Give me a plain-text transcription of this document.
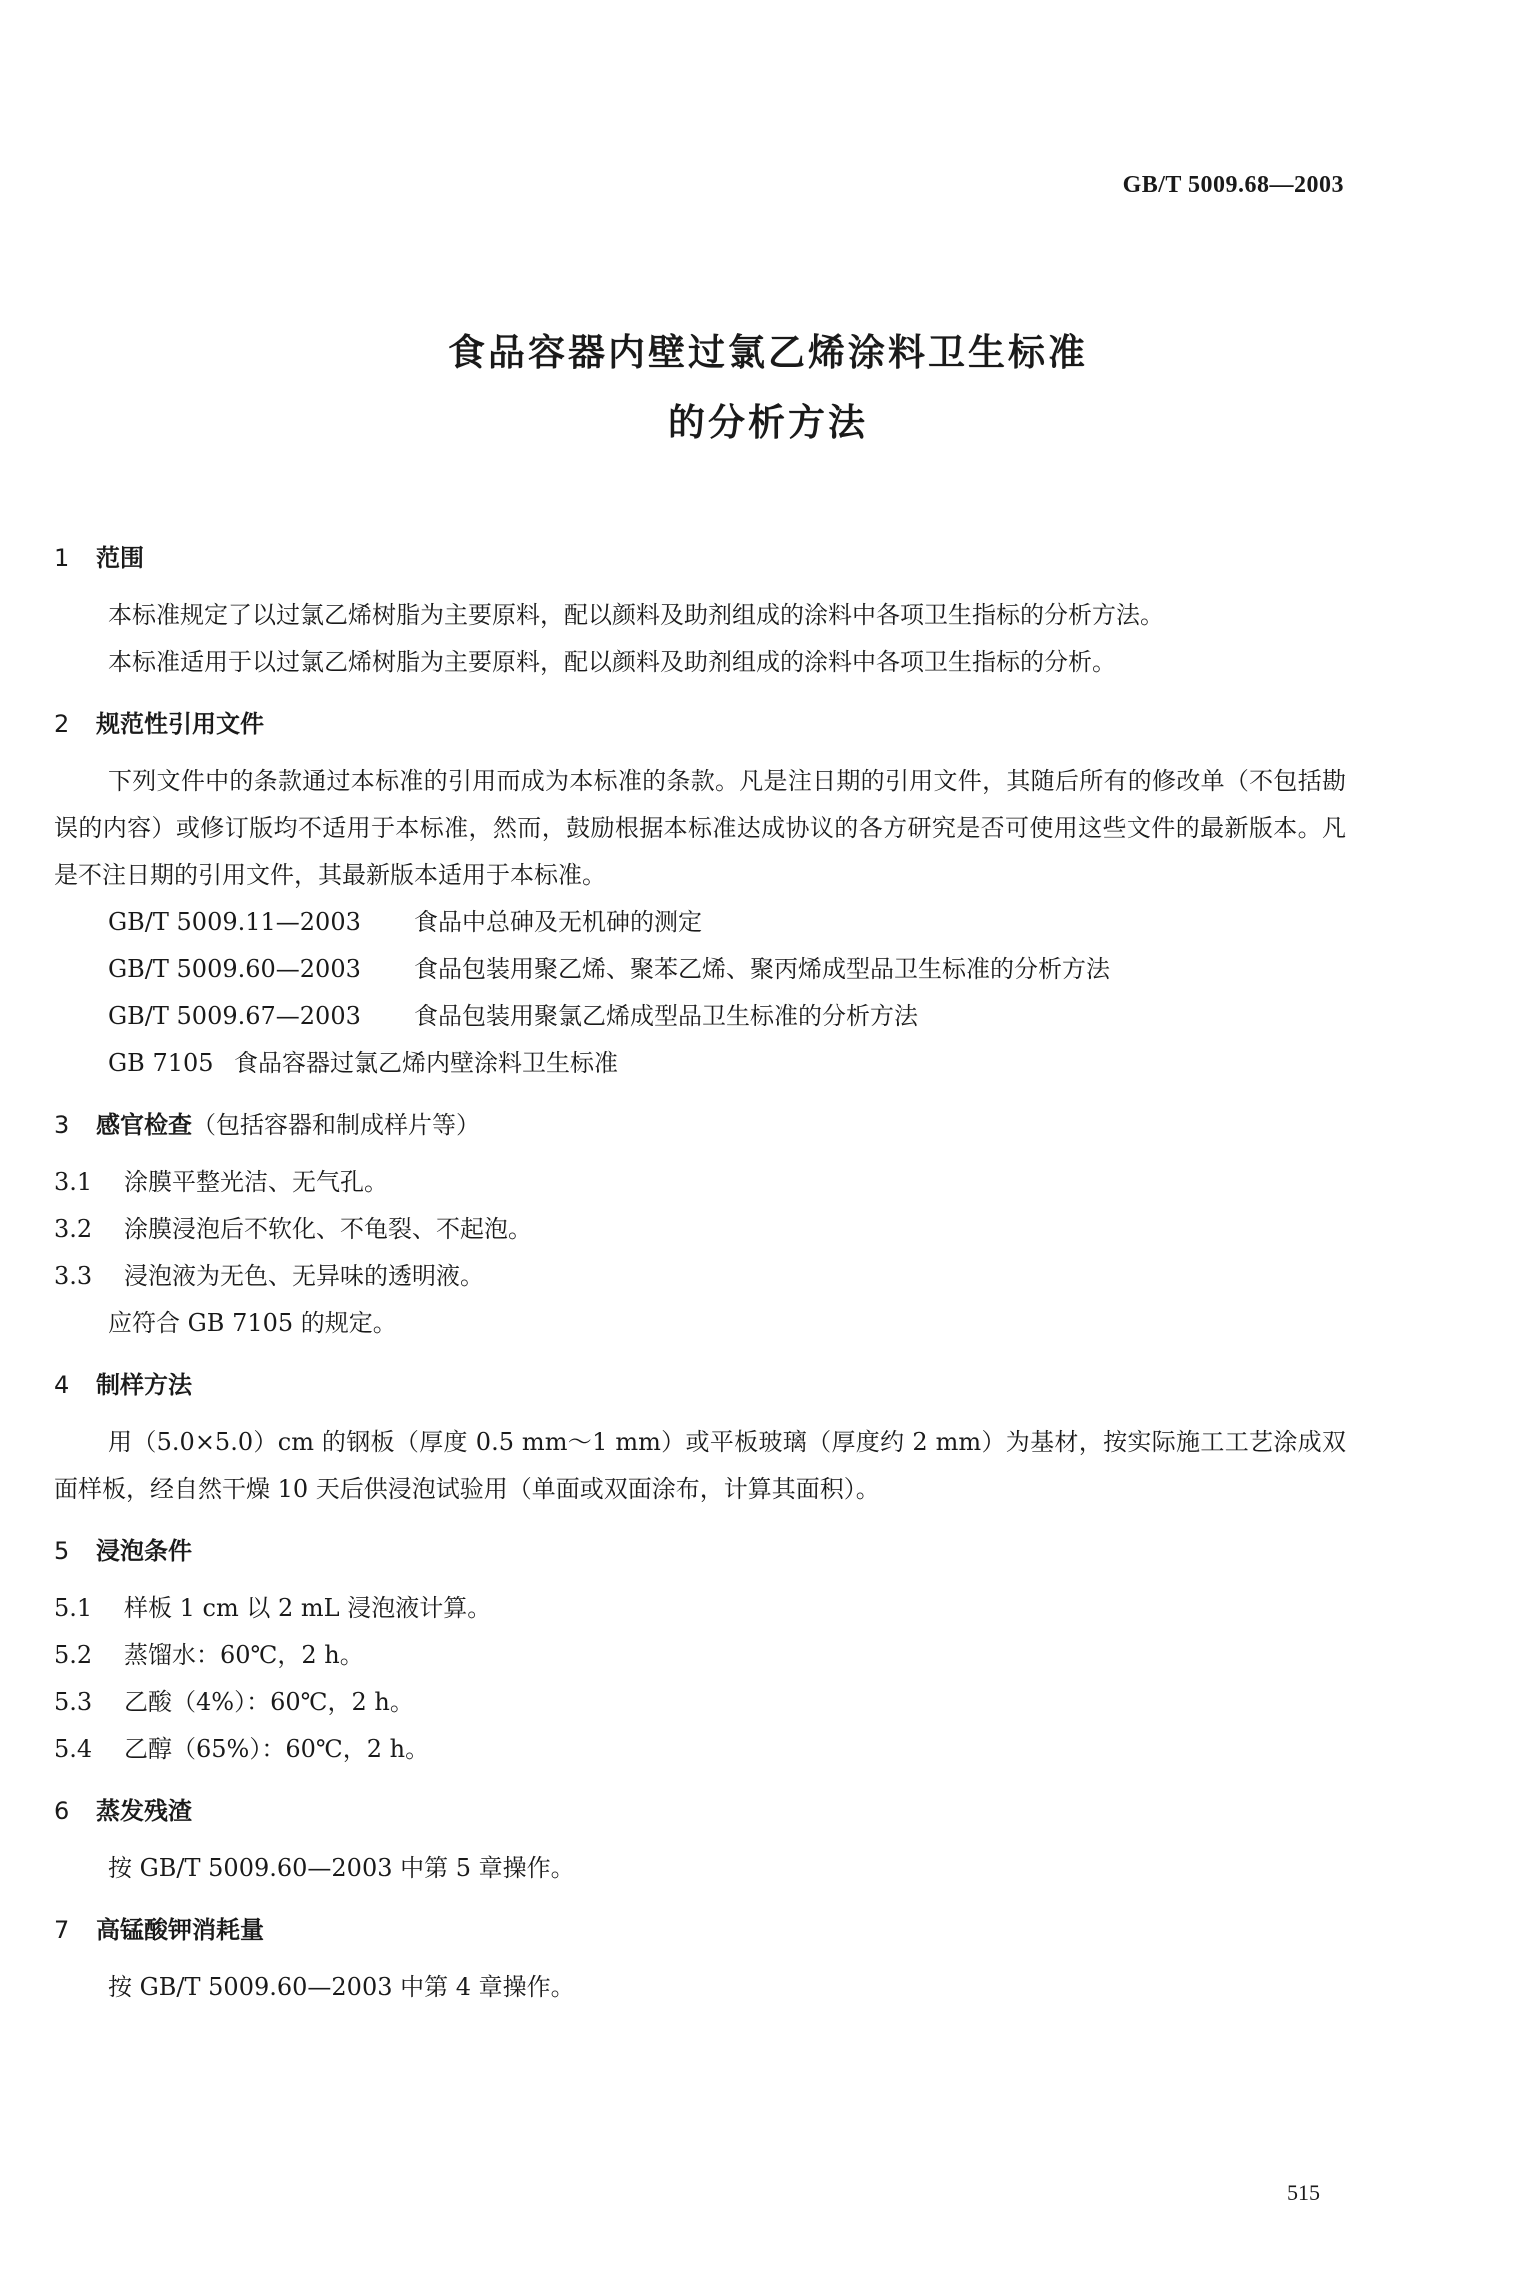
GB/T 5009.68—2003
食品容器内壁过氯乙烯涂料卫生标准
的分析方法
1 范围

本标准规定了以过氯乙烯树脂为主要原料，配以颜料及助剂组成的涂料中各项卫生指标的分析方法。

本标准适用于以过氯乙烯树脂为主要原料，配以颜料及助剂组成的涂料中各项卫生指标的分析。

2 规范性引用文件

下列文件中的条款通过本标准的引用而成为本标准的条款。凡是注日期的引用文件，其随后所有的修改单（不包括勘误的内容）或修订版均不适用于本标准，然而，鼓励根据本标准达成协议的各方研究是否可使用这些文件的最新版本。凡是不注日期的引用文件，其最新版本适用于本标准。

GB/T 5009.11—2003 食品中总砷及无机砷的测定

GB/T 5009.60—2003 食品包装用聚乙烯、聚苯乙烯、聚丙烯成型品卫生标准的分析方法

GB/T 5009.67—2003 食品包装用聚氯乙烯成型品卫生标准的分析方法

GB 7105 食品容器过氯乙烯内壁涂料卫生标准

3 感官检查（包括容器和制成样片等）

3.1 涂膜平整光洁、无气孔。

3.2 涂膜浸泡后不软化、不龟裂、不起泡。

3.3 浸泡液为无色、无异味的透明液。

应符合 GB 7105 的规定。

4 制样方法

用（5.0×5.0）cm 的钢板（厚度 0.5 mm～1 mm）或平板玻璃（厚度约 2 mm）为基材，按实际施工工艺涂成双面样板，经自然干燥 10 天后供浸泡试验用（单面或双面涂布，计算其面积）。

5 浸泡条件

5.1 样板 1 cm 以 2 mL 浸泡液计算。

5.2 蒸馏水：60℃，2 h。

5.3 乙酸（4%）：60℃，2 h。

5.4 乙醇（65%）：60℃，2 h。

6 蒸发残渣

按 GB/T 5009.60—2003 中第 5 章操作。

7 高锰酸钾消耗量

按 GB/T 5009.60—2003 中第 4 章操作。

515
